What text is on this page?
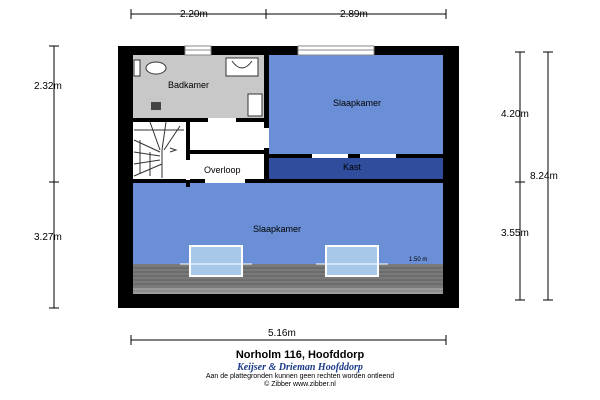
2.20m	2.89m
2.32m
3.27m
4.20m
3.55m
8.24m
5.16m
1.50 m
Badkamer
Slaapkamer
Kast
Overloop
Slaapkamer
Norholm 116, Hoofddorp
Keijser & Drieman Hoofddorp
Aan de plattegronden kunnen geen rechten worden ontleend
© Zibber www.zibber.nl
